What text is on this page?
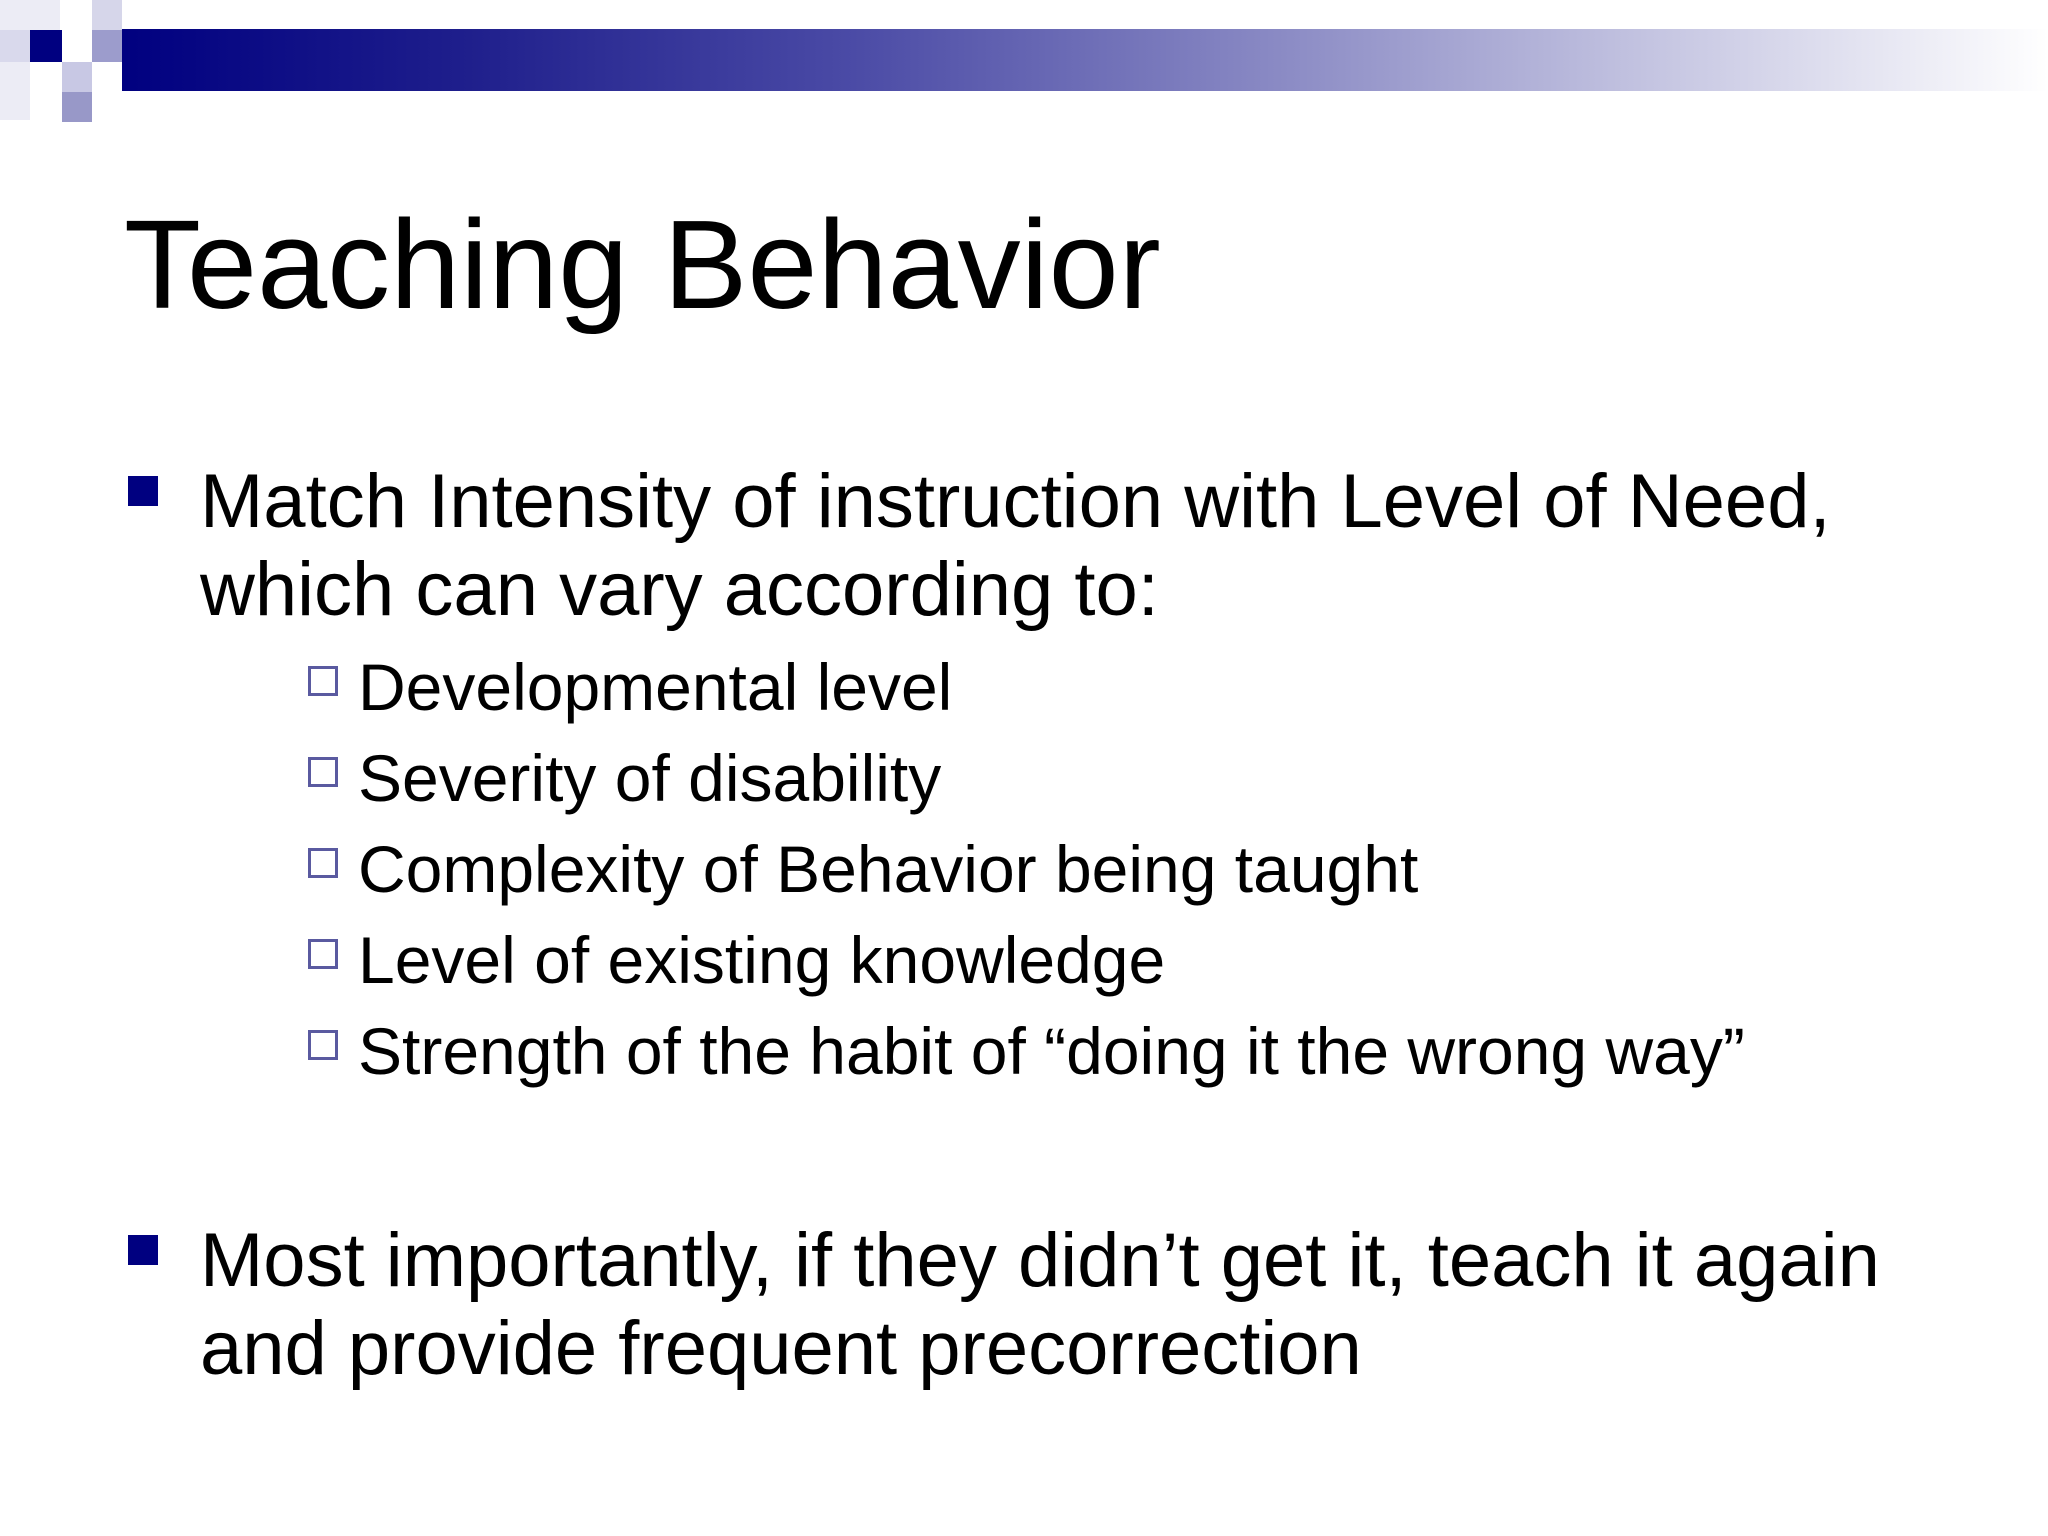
Teaching Behavior
Match Intensity of instruction with Level of Need, which can vary according to:
Developmental level
Severity of disability
Complexity of Behavior being taught
Level of existing knowledge
Strength of the habit of “doing it the wrong way”
Most importantly, if they didn’t get it, teach it again and provide frequent precorrection
